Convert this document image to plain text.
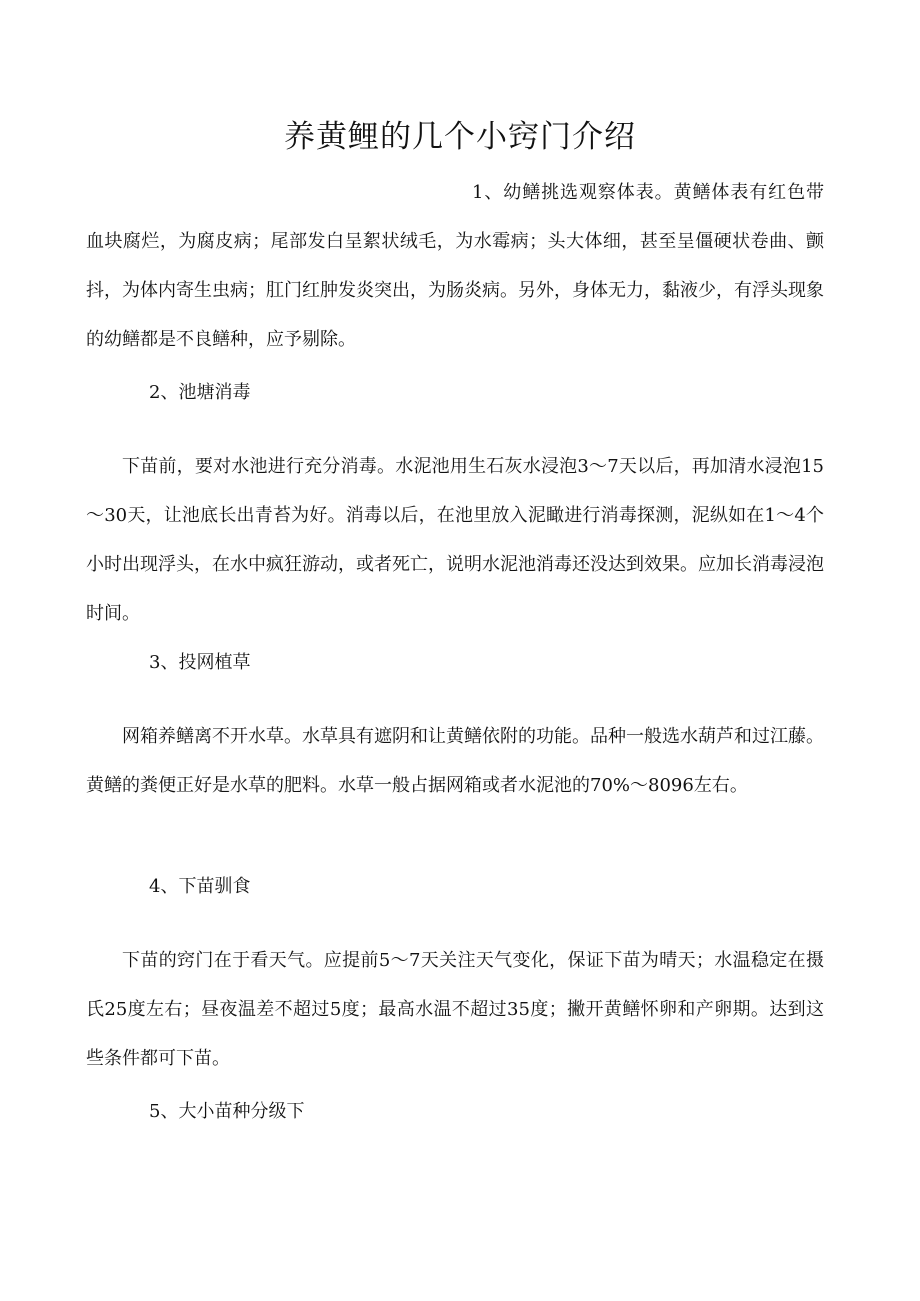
养黄鲤的几个小窍门介绍

1、幼鳝挑选观察体表。黄鳝体表有红色带血块腐烂，为腐皮病；尾部发白呈絮状绒毛，为水霉病；头大体细，甚至呈僵硬状卷曲、颤抖，为体内寄生虫病；肛门红肿发炎突出，为肠炎病。另外，身体无力，黏液少，有浮头现象的幼鳝都是不良鳝种，应予剔除。

2、池塘消毒

下苗前，要对水池进行充分消毒。水泥池用生石灰水浸泡3～7天以后，再加清水浸泡15～30天，让池底长出青苔为好。消毒以后，在池里放入泥瞰进行消毒探测，泥纵如在1～4个小时出现浮头，在水中疯狂游动，或者死亡，说明水泥池消毒还没达到效果。应加长消毒浸泡时间。

3、投网植草

网箱养鳝离不开水草。水草具有遮阴和让黄鳝依附的功能。品种一般选水葫芦和过江藤。黄鳝的粪便正好是水草的肥料。水草一般占据网箱或者水泥池的70%～8096左右。

4、下苗驯食

下苗的窍门在于看天气。应提前5～7天关注天气变化，保证下苗为晴天；水温稳定在摄氏25度左右；昼夜温差不超过5度；最高水温不超过35度；撇开黄鳝怀卵和产卵期。达到这些条件都可下苗。

5、大小苗种分级下
